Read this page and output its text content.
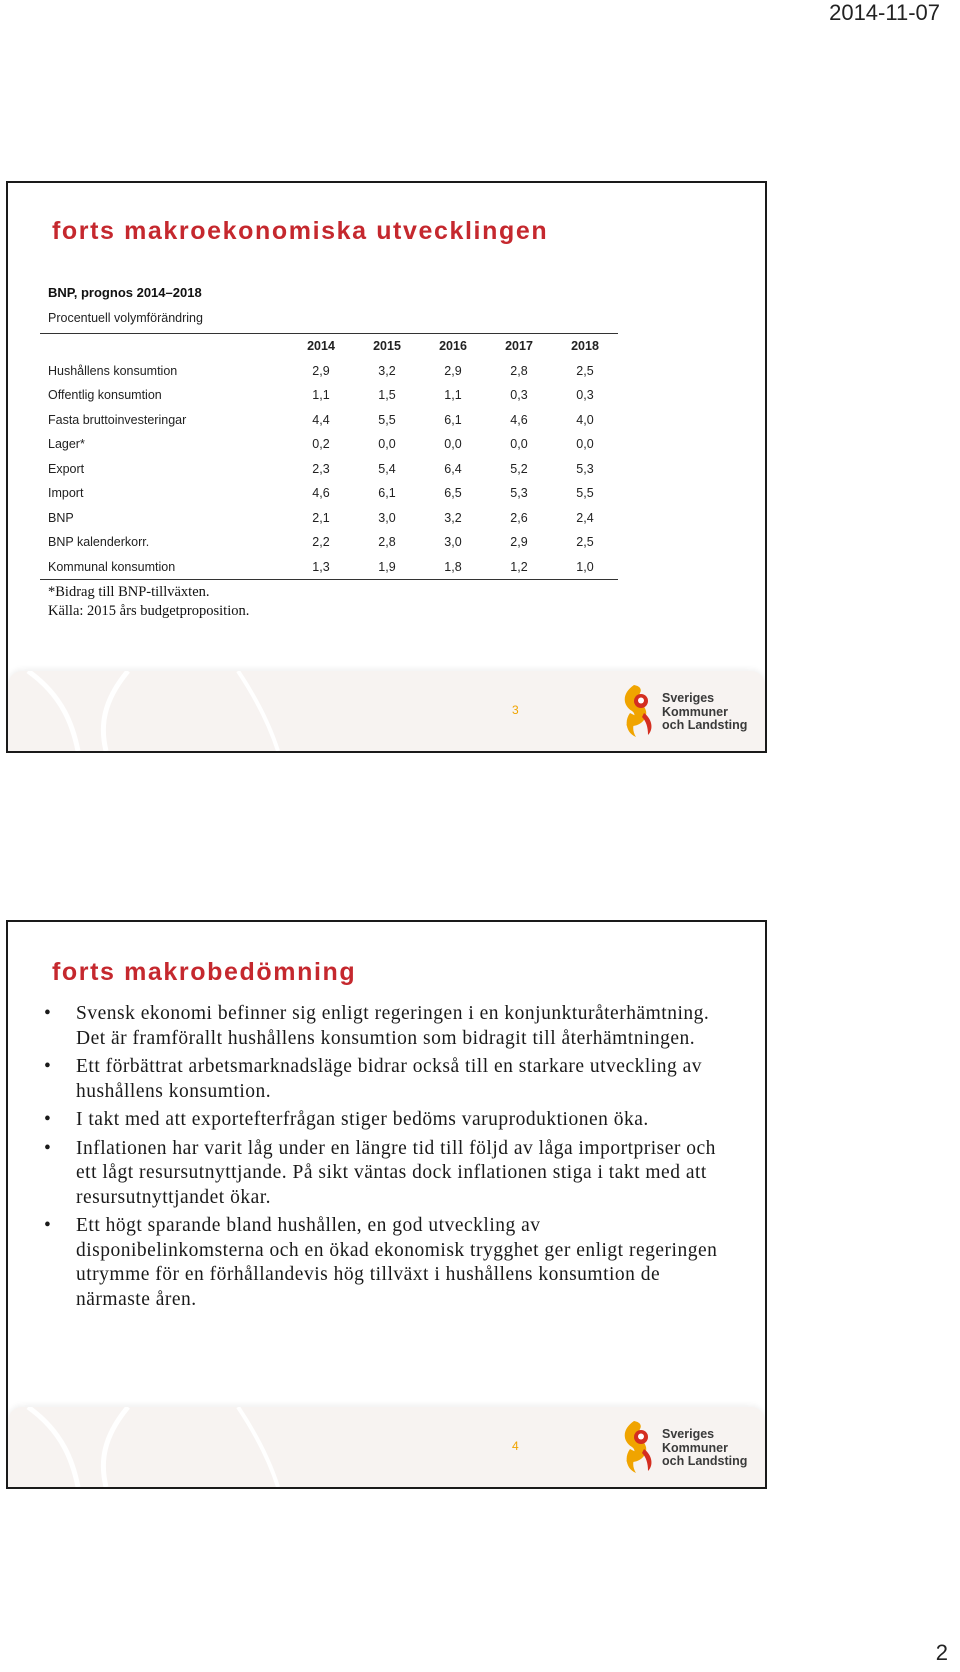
2014-11-07
forts makroekonomiska utvecklingen
BNP, prognos 2014–2018
Procentuell volymförändring
	2014	2015	2016	2017	2018
Hushållens konsumtion	2,9	3,2	2,9	2,8	2,5
Offentlig konsumtion	1,1	1,5	1,1	0,3	0,3
Fasta bruttoinvesteringar	4,4	5,5	6,1	4,6	4,0
Lager*	0,2	0,0	0,0	0,0	0,0
Export	2,3	5,4	6,4	5,2	5,3
Import	4,6	6,1	6,5	5,3	5,5
BNP	2,1	3,0	3,2	2,6	2,4
BNP kalenderkorr.	2,2	2,8	3,0	2,9	2,5
Kommunal konsumtion	1,3	1,9	1,8	1,2	1,0
*Bidrag till BNP-tillväxten.
Källa: 2015 års budgetproposition.
3
Sveriges
Kommuner
och Landsting
forts makrobedömning
• Svensk ekonomi befinner sig enligt regeringen i en konjunkturåterhämtning. Det är framförallt hushållens konsumtion som bidragit till återhämtningen.
• Ett förbättrat arbetsmarknadsläge bidrar också till en starkare utveckling av hushållens konsumtion.
• I takt med att exportefterfrågan stiger bedöms varuproduktionen öka.
• Inflationen har varit låg under en längre tid till följd av låga importpriser och ett lågt resursutnyttjande. På sikt väntas dock inflationen stiga i takt med att resursutnyttjandet ökar.
• Ett högt sparande bland hushållen, en god utveckling av disponibelinkomsterna och en ökad ekonomisk trygghet ger enligt regeringen utrymme för en förhållandevis hög tillväxt i hushållens konsumtion de närmaste åren.
4
Sveriges
Kommuner
och Landsting
2
